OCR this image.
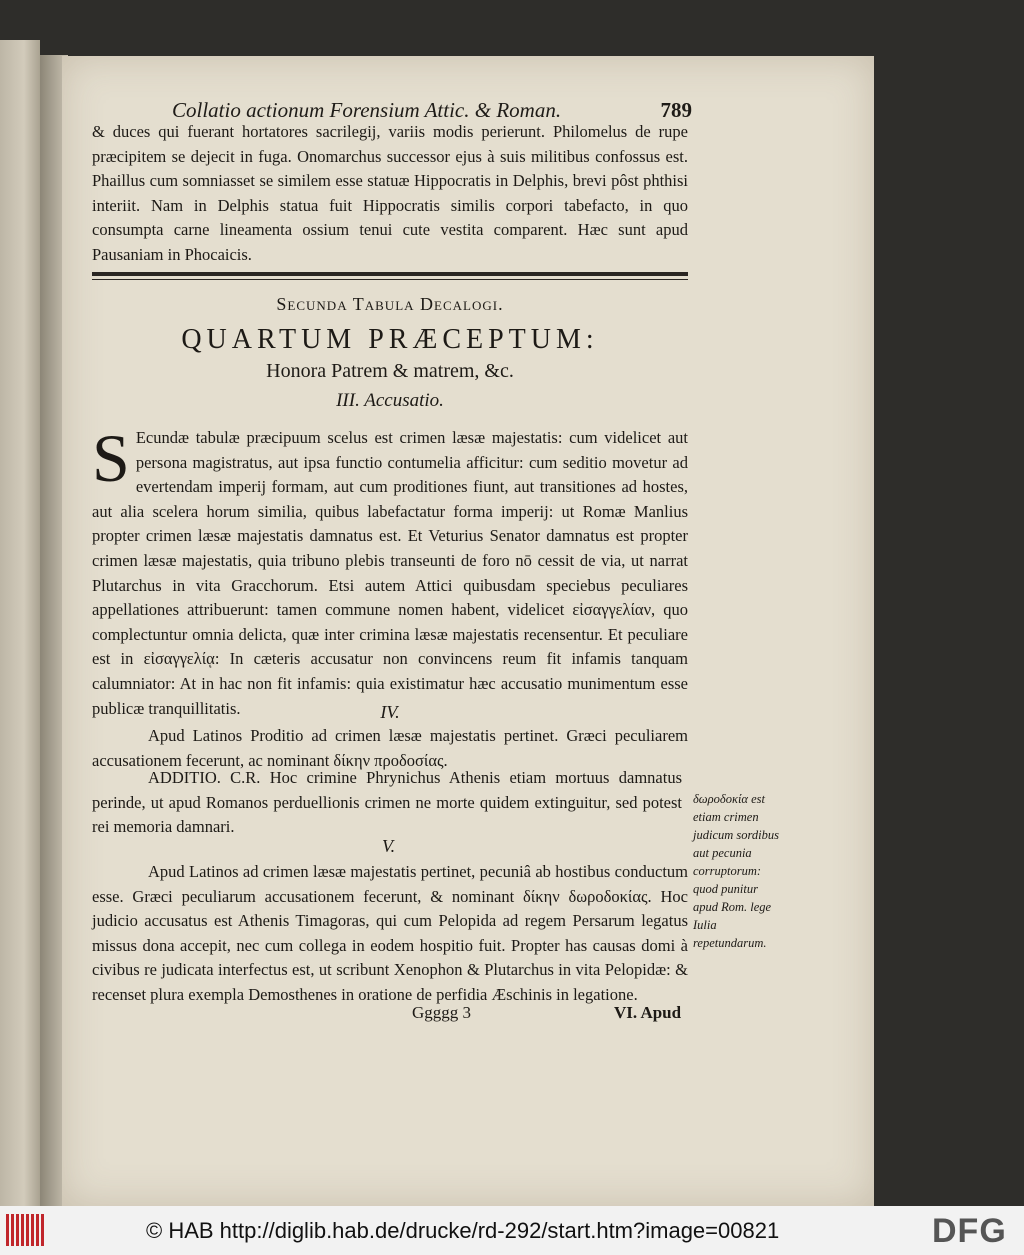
Collatio actionum Forensium Attic. & Roman.	789
& duces qui fuerant hortatores sacrilegij, variis modis perierunt. Philomelus de rupe præcipitem se dejecit in fuga. Onomarchus successor ejus à suis militibus confossus est. Phaillus cum somniasset se similem esse statuæ Hippocratis in Delphis, brevi pôst phthisi interiit. Nam in Delphis statua fuit Hippocratis similis corpori tabefacto, in quo consumpta carne lineamenta ossium tenui cute vestita comparent. Hæc sunt apud Pausaniam in Phocaicis.
Secunda Tabula Decalogi.
QUARTUM PRÆCEPTUM:
Honora Patrem & matrem, &c.
III. Accusatio.
S Ecundæ tabulæ præcipuum scelus est crimen læsæ majestatis: cum videlicet aut persona magistratus, aut ipsa functio contumelia afficitur: cum seditio movetur ad evertendam imperij formam, aut cum proditiones fiunt, aut transitiones ad hostes, aut alia scelera horum similia, quibus labefactatur forma imperij: ut Romæ Manlius propter crimen læsæ majestatis damnatus est. Et Veturius Senator damnatus est propter crimen læsæ majestatis, quia tribuno plebis transeunti de foro nō cessit de via, ut narrat Plutarchus in vita Gracchorum. Etsi autem Attici quibusdam speciebus peculiares appellationes attribuerunt: tamen commune nomen habent, videlicet εἰσαγγελίαν, quo complectuntur omnia delicta, quæ inter crimina læsæ majestatis recensentur. Et peculiare est in εἰσαγγελίᾳ: In cæteris accusatur non convincens reum fit infamis tanquam calumniator: At in hac non fit infamis: quia existimatur hæc accusatio munimentum esse publicæ tranquillitatis.	IV.
Apud Latinos Proditio ad crimen læsæ majestatis pertinet. Græci peculiarem accusationem fecerunt, ac nominant δίκην προδοσίας.
ADDITIO. C.R. Hoc crimine Phrynichus Athenis etiam mortuus damnatus perinde, ut apud Romanos perduellionis crimen ne morte quidem extinguitur, sed potest rei memoria damnari.
V.
Apud Latinos ad crimen læsæ majestatis pertinet, pecuniâ ab hostibus conductum esse. Græci peculiarum accusationem fecerunt, & nominant δίκην δωροδοκίας. Hoc judicio accusatus est Athenis Timagoras, qui cum Pelopida ad regem Persarum legatus missus dona accepit, nec cum collega in eodem hospitio fuit. Propter has causas domi à civibus re judicata interfectus est, ut scribunt Xenophon & Plutarchus in vita Pelopidæ: & recenset plura exempla Demosthenes in oratione de perfidia Æschinis in legatione.
δωροδοκία est etiam crimen judicum sordibus aut pecunia corruptorum: quod punitur apud Rom. lege Iulia repetundarum.
Ggggg 3	VI. Apud
© HAB http://diglib.hab.de/drucke/rd-292/start.htm?image=00821	DFG
